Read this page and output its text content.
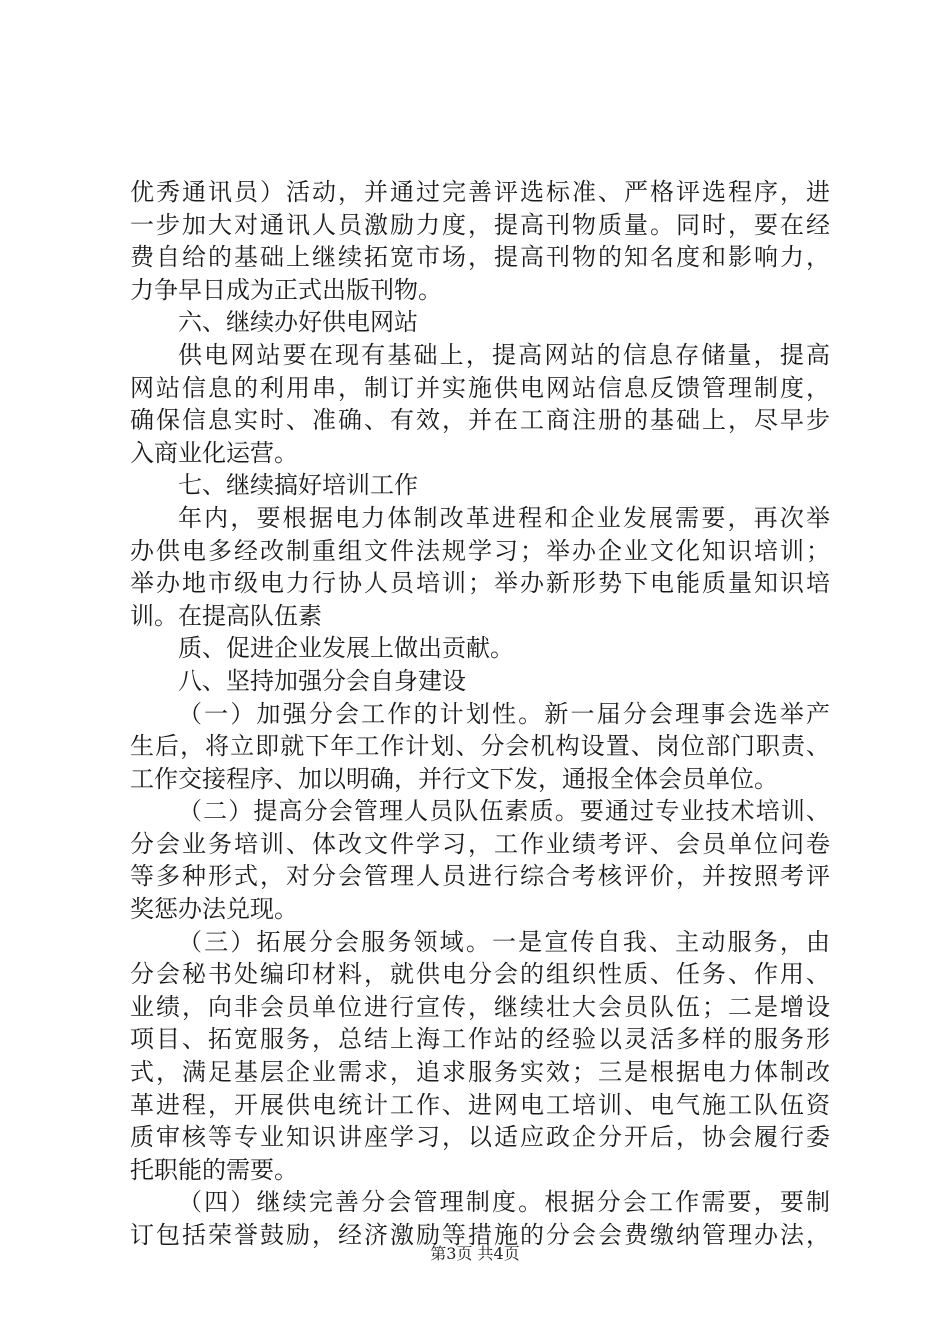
优秀通讯员）活动，并通过完善评选标准、严格评选程序，进
一步加大对通讯人员激励力度，提高刊物质量。同时，要在经
费自给的基础上继续拓宽市场，提高刊物的知名度和影响力，
力争早日成为正式出版刊物。
六、继续办好供电网站
供电网站要在现有基础上，提高网站的信息存储量，提高
网站信息的利用串，制订并实施供电网站信息反馈管理制度，
确保信息实时、准确、有效，并在工商注册的基础上，尽早步
入商业化运营。
七、继续搞好培训工作
年内，要根据电力体制改革进程和企业发展需要，再次举
办供电多经改制重组文件法规学习；举办企业文化知识培训；
举办地市级电力行协人员培训；举办新形势下电能质量知识培
训。在提高队伍素
质、促进企业发展上做出贡献。
八、坚持加强分会自身建设
（一）加强分会工作的计划性。新一届分会理事会选举产
生后，将立即就下年工作计划、分会机构设置、岗位部门职责、
工作交接程序、加以明确，并行文下发，通报全体会员单位。
（二）提高分会管理人员队伍素质。要通过专业技术培训、
分会业务培训、体改文件学习，工作业绩考评、会员单位问卷
等多种形式，对分会管理人员进行综合考核评价，并按照考评
奖惩办法兑现。
（三）拓展分会服务领域。一是宣传自我、主动服务，由
分会秘书处编印材料，就供电分会的组织性质、任务、作用、
业绩，向非会员单位进行宣传，继续壮大会员队伍；二是增设
项目、拓宽服务，总结上海工作站的经验以灵活多样的服务形
式，满足基层企业需求，追求服务实效；三是根据电力体制改
革进程，开展供电统计工作、进网电工培训、电气施工队伍资
质审核等专业知识讲座学习，以适应政企分开后，协会履行委
托职能的需要。
（四）继续完善分会管理制度。根据分会工作需要，要制
订包括荣誉鼓励，经济激励等措施的分会会费缴纳管理办法，
第3页 共4页
